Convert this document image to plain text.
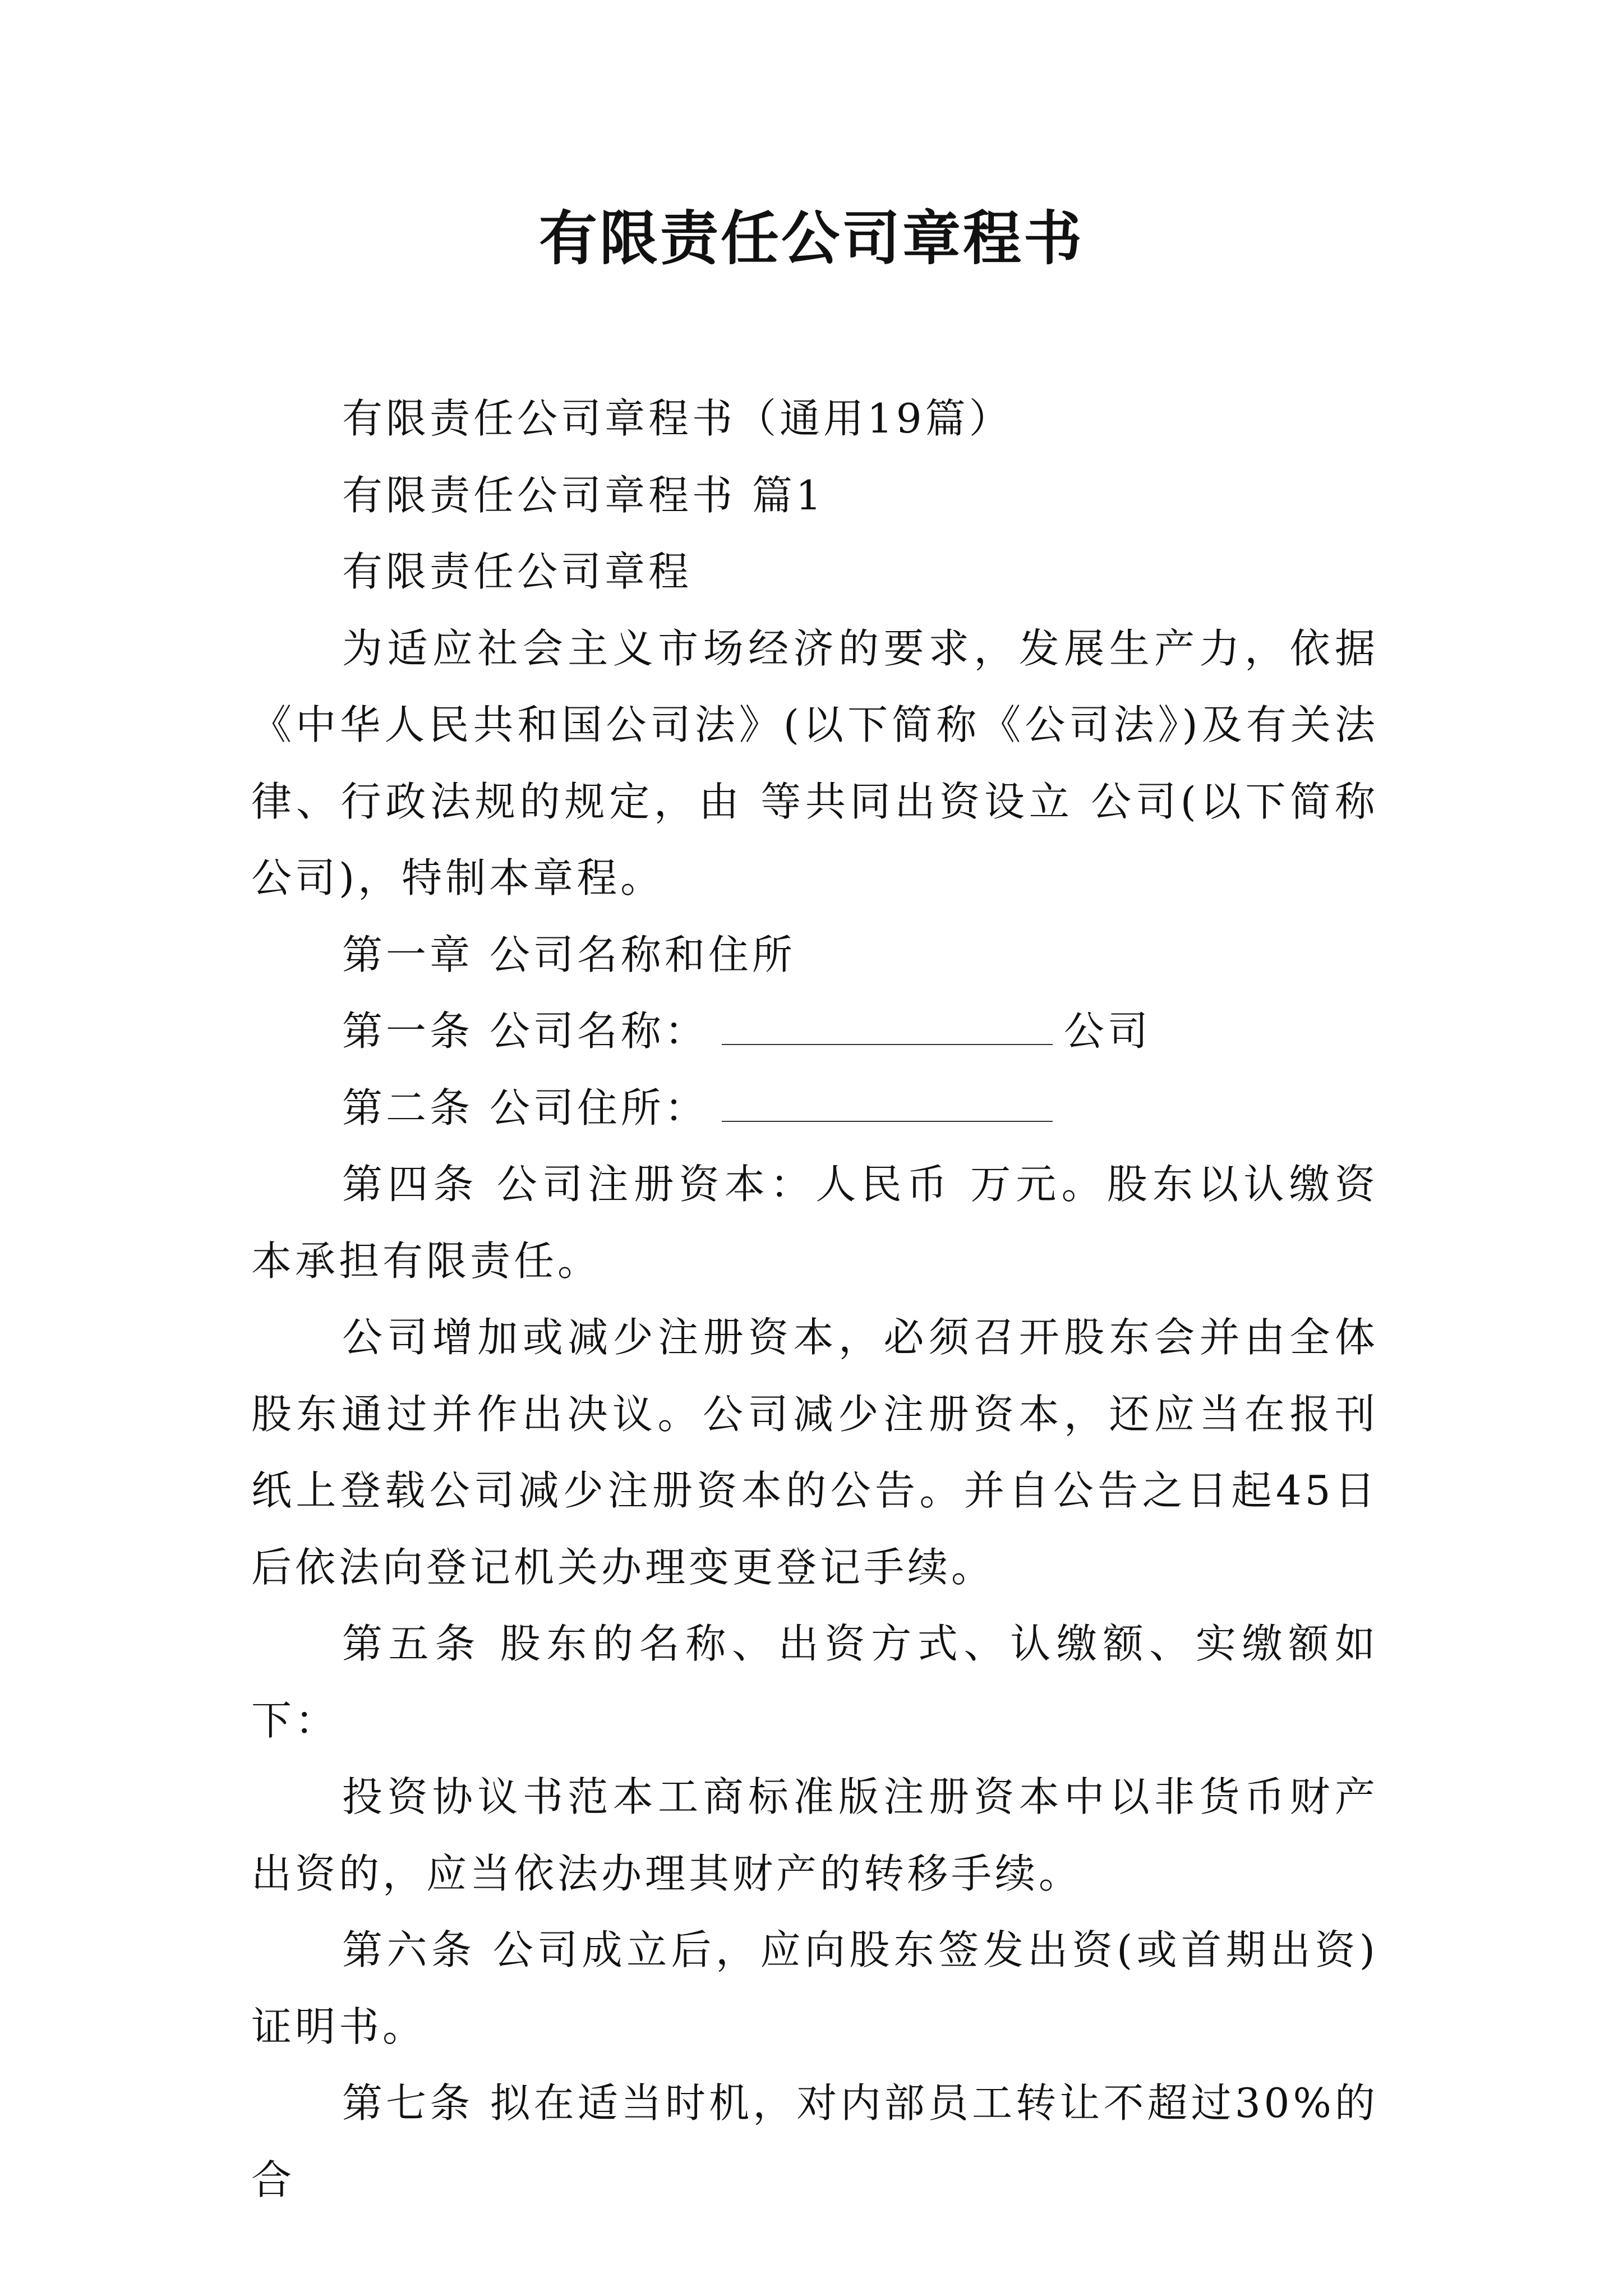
有限责任公司章程书

有限责任公司章程书（通用19篇）

有限责任公司章程书 篇1

有限责任公司章程

为适应社会主义市场经济的要求，发展生产力，依据《中华人民共和国公司法》(以下简称《公司法》)及有关法律、行政法规的规定，由 等共同出资设立 公司(以下简称公司)，特制本章程。

第一章 公司名称和住所

第一条 公司名称：	公司

第二条 公司住所：

第四条 公司注册资本：人民币 万元。股东以认缴资本承担有限责任。

公司增加或减少注册资本，必须召开股东会并由全体股东通过并作出决议。公司减少注册资本，还应当在报刊纸上登载公司减少注册资本的公告。并自公告之日起45日后依法向登记机关办理变更登记手续。

第五条 股东的名称、出资方式、认缴额、实缴额如下：

投资协议书范本工商标准版注册资本中以非货币财产出资的，应当依法办理其财产的转移手续。

第六条 公司成立后，应向股东签发出资(或首期出资)证明书。

第七条 拟在适当时机，对内部员工转让不超过30%的合
